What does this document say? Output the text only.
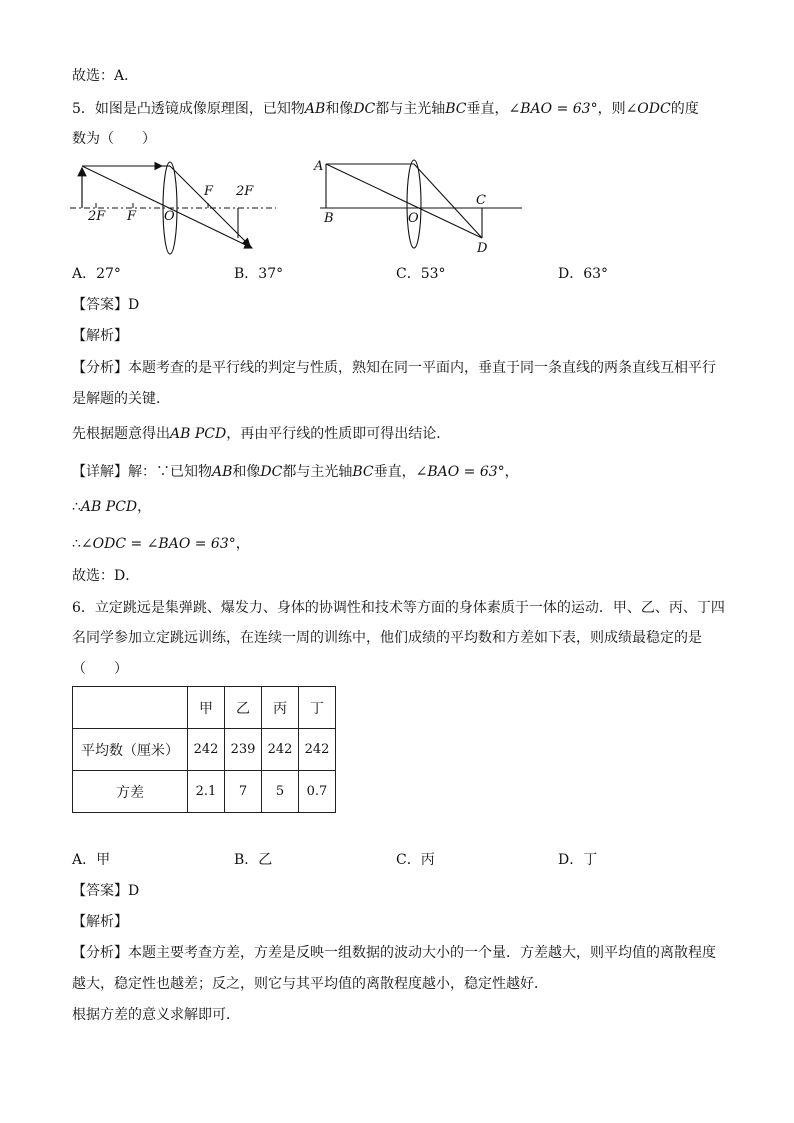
故选：A．
5．如图是凸透镜成像原理图，已知物AB和像DC都与主光轴BC垂直，∠BAO = 63°，则∠ODC的度
数为（　　）
2F F O
F 2F
A
B	O
C
D
A．27°	B．37°	C．53°	D．63°
【答案】D
【解析】
【分析】本题考查的是平行线的判定与性质，熟知在同一平面内，垂直于同一条直线的两条直线互相平行
是解题的关键．
先根据题意得出AB PCD，再由平行线的性质即可得出结论．
【详解】解：∵已知物AB和像DC都与主光轴BC垂直，∠BAO = 63°，
∴AB PCD，
∴∠ODC = ∠BAO = 63°，
故选：D．
6．立定跳远是集弹跳、爆发力、身体的协调性和技术等方面的身体素质于一体的运动．甲、乙、丙、丁四
名同学参加立定跳远训练，在连续一周的训练中，他们成绩的平均数和方差如下表，则成绩最稳定的是
（　　）
	甲	乙	丙	丁
平均数（厘米）	242	239	242	242
方差	2.1	7	5	0.7
A．甲	B．乙	C．丙	D．丁
【答案】D
【解析】
【分析】本题主要考查方差，方差是反映一组数据的波动大小的一个量．方差越大，则平均值的离散程度
越大，稳定性也越差；反之，则它与其平均值的离散程度越小，稳定性越好．
根据方差的意义求解即可．
